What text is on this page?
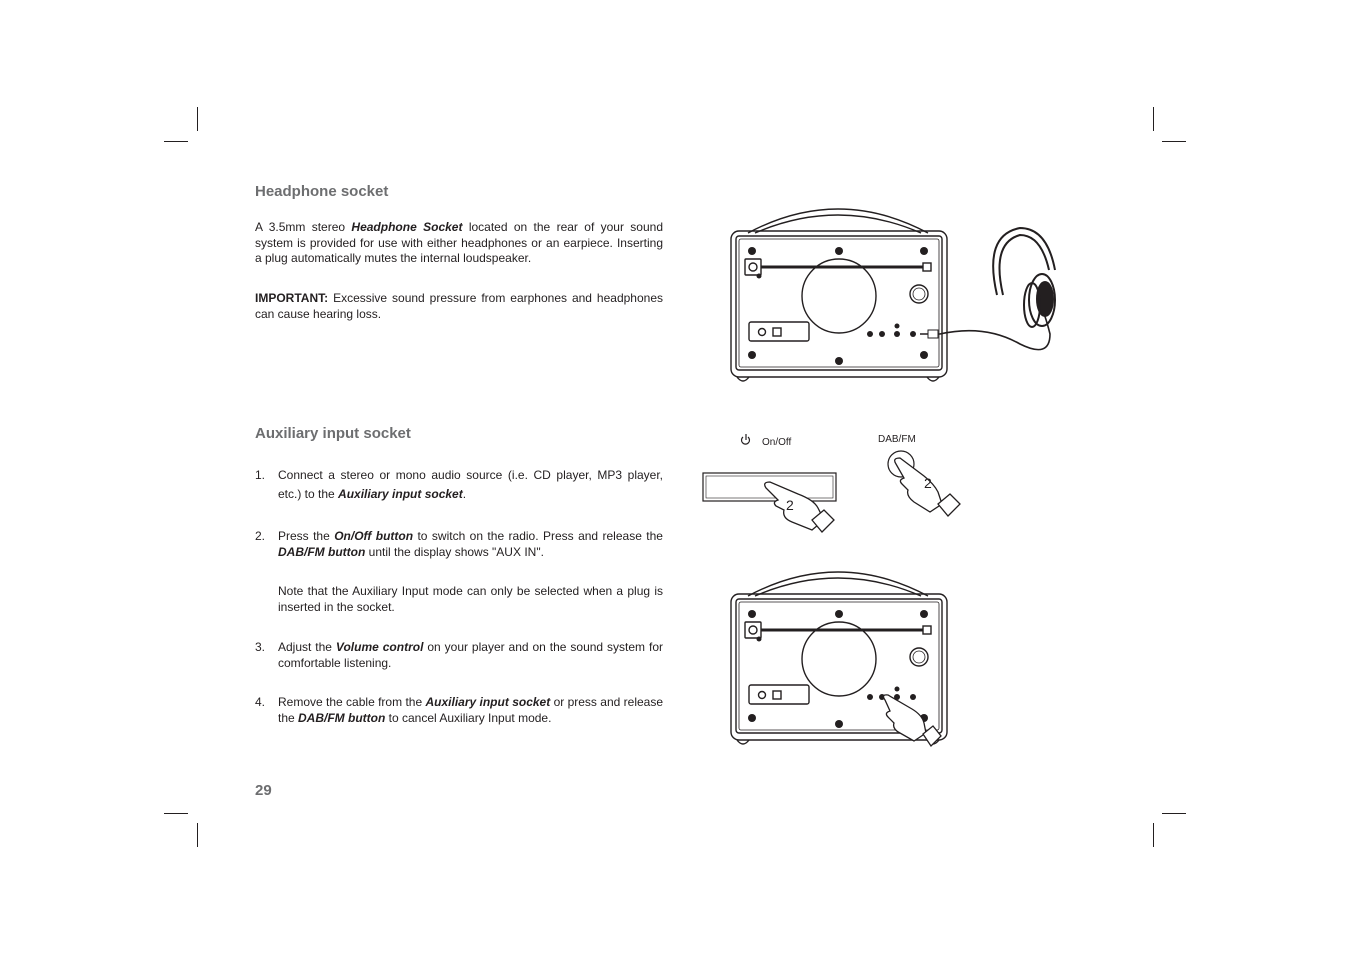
Headphone socket

A 3.5mm stereo Headphone Socket located on the rear of your sound system is provided for use with either headphones or an earpiece. Inserting a plug automatically mutes the internal loudspeaker.

IMPORTANT: Excessive sound pressure from earphones and headphones can cause hearing loss.

Auxiliary input socket
1. Connect a stereo or mono audio source (i.e. CD player, MP3 player, etc.) to the Auxiliary input socket.
2. Press the On/Off button to switch on the radio. Press and release the DAB/FM button until the display shows "AUX IN".
Note that the Auxiliary Input mode can only be selected when a plug is inserted in the socket.
3. Adjust the Volume control on your player and on the sound system for comfortable listening.
4. Remove the cable from the Auxiliary input socket or press and release the DAB/FM button to cancel Auxiliary Input mode.
29
On/Off	DAB/FM
2
2
